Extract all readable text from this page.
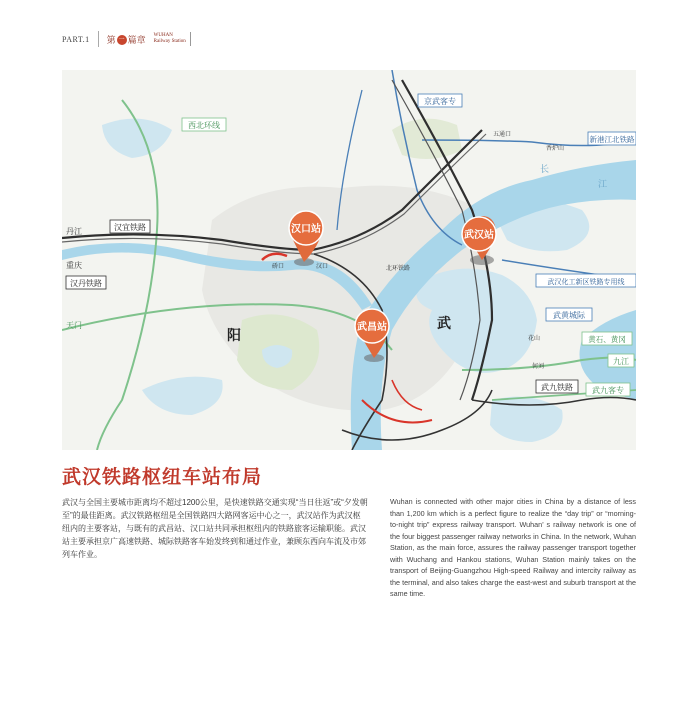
PART.1	第 一 篇章	WUHAN
Railway Station
汉口站
武汉站
武昌站
汉宜铁路
汉丹铁路
京武客专
西北环线
新港江北铁路
武汉化工新区铁路专用线
武黄城际
武九铁路 武九客专
黄石、黄冈
九江
阳
武
丹江
重庆
天门
长
江
五通口
香炉山
花山
何刘
北环铁路
硚口	汉口
武汉铁路枢纽车站布局

武汉与全国主要城市距离均不超过1200公里，是快速铁路交通实现“当日往返”或“夕发朝至”的最佳距离。武汉铁路枢纽是全国铁路四大路网客运中心之一，武汉站作为武汉枢纽内的主要客站，与既有的武昌站、汉口站共同承担枢纽内的铁路旅客运输职能。武汉站主要承担京广高速铁路、城际铁路客车始发终到和通过作业，兼顾东西向车流及市郊列车作业。

Wuhan is connected with other major cities in China by a distance of less than 1,200 km which is a perfect figure to realize the “day trip” or “morning-to-night trip” express railway transport. Wuhan’ s railway network is one of the four biggest passenger railway networks in China. In the network, Wuhan Station, as the main force, assures the railway passenger transport together with Wuchang and Hankou stations, Wuhan Station mainly takes on the transport of Beijing-Guangzhou High-speed Railway and intercity railway as the terminal, and also takes charge the east-west and suburb transport at the same time.
